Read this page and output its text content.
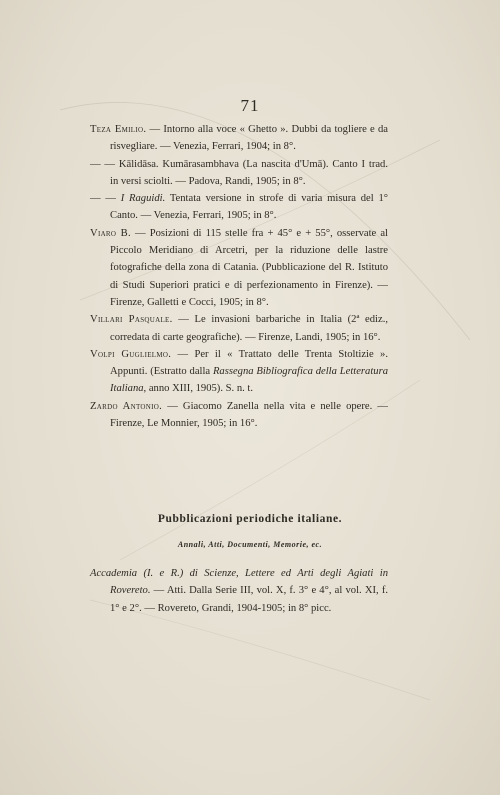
71

Teza Emilio. — Intorno alla voce « Ghetto ». Dubbi da togliere e da risvegliare. — Venezia, Ferrari, 1904; in 8°.

— — Kālidāsa. Kumārasambhava (La nascita d'Umā). Canto I trad. in versi sciolti. — Padova, Randi, 1905; in 8°.

— — I Raguidi. Tentata versione in strofe di varia misura del 1° Canto. — Venezia, Ferrari, 1905; in 8°.

Viaro B. — Posizioni di 115 stelle fra + 45° e + 55°, osservate al Piccolo Meridiano di Arcetri, per la riduzione delle lastre fotografiche della zona di Catania. (Pubblicazione del R. Istituto di Studi Superiori pratici e di perfezionamento in Firenze). — Firenze, Galletti e Cocci, 1905; in 8°.

Villari Pasquale. — Le invasioni barbariche in Italia (2ª ediz., corredata di carte geografiche). — Firenze, Landi, 1905; in 16°.

Volpi Guglielmo. — Per il « Trattato delle Trenta Stoltizie ». Appunti. (Estratto dalla Rassegna Bibliografica della Letteratura Italiana, anno XIII, 1905). S. n. t.

Zardo Antonio. — Giacomo Zanella nella vita e nelle opere. — Firenze, Le Monnier, 1905; in 16°.

Pubblicazioni periodiche italiane.
Annali, Atti, Documenti, Memorie, ec.

Accademia (I. e R.) di Scienze, Lettere ed Arti degli Agiati in Rovereto. — Atti. Dalla Serie III, vol. X, f. 3° e 4°, al vol. XI, f. 1° e 2°. — Rovereto, Grandi, 1904-1905; in 8° picc.
